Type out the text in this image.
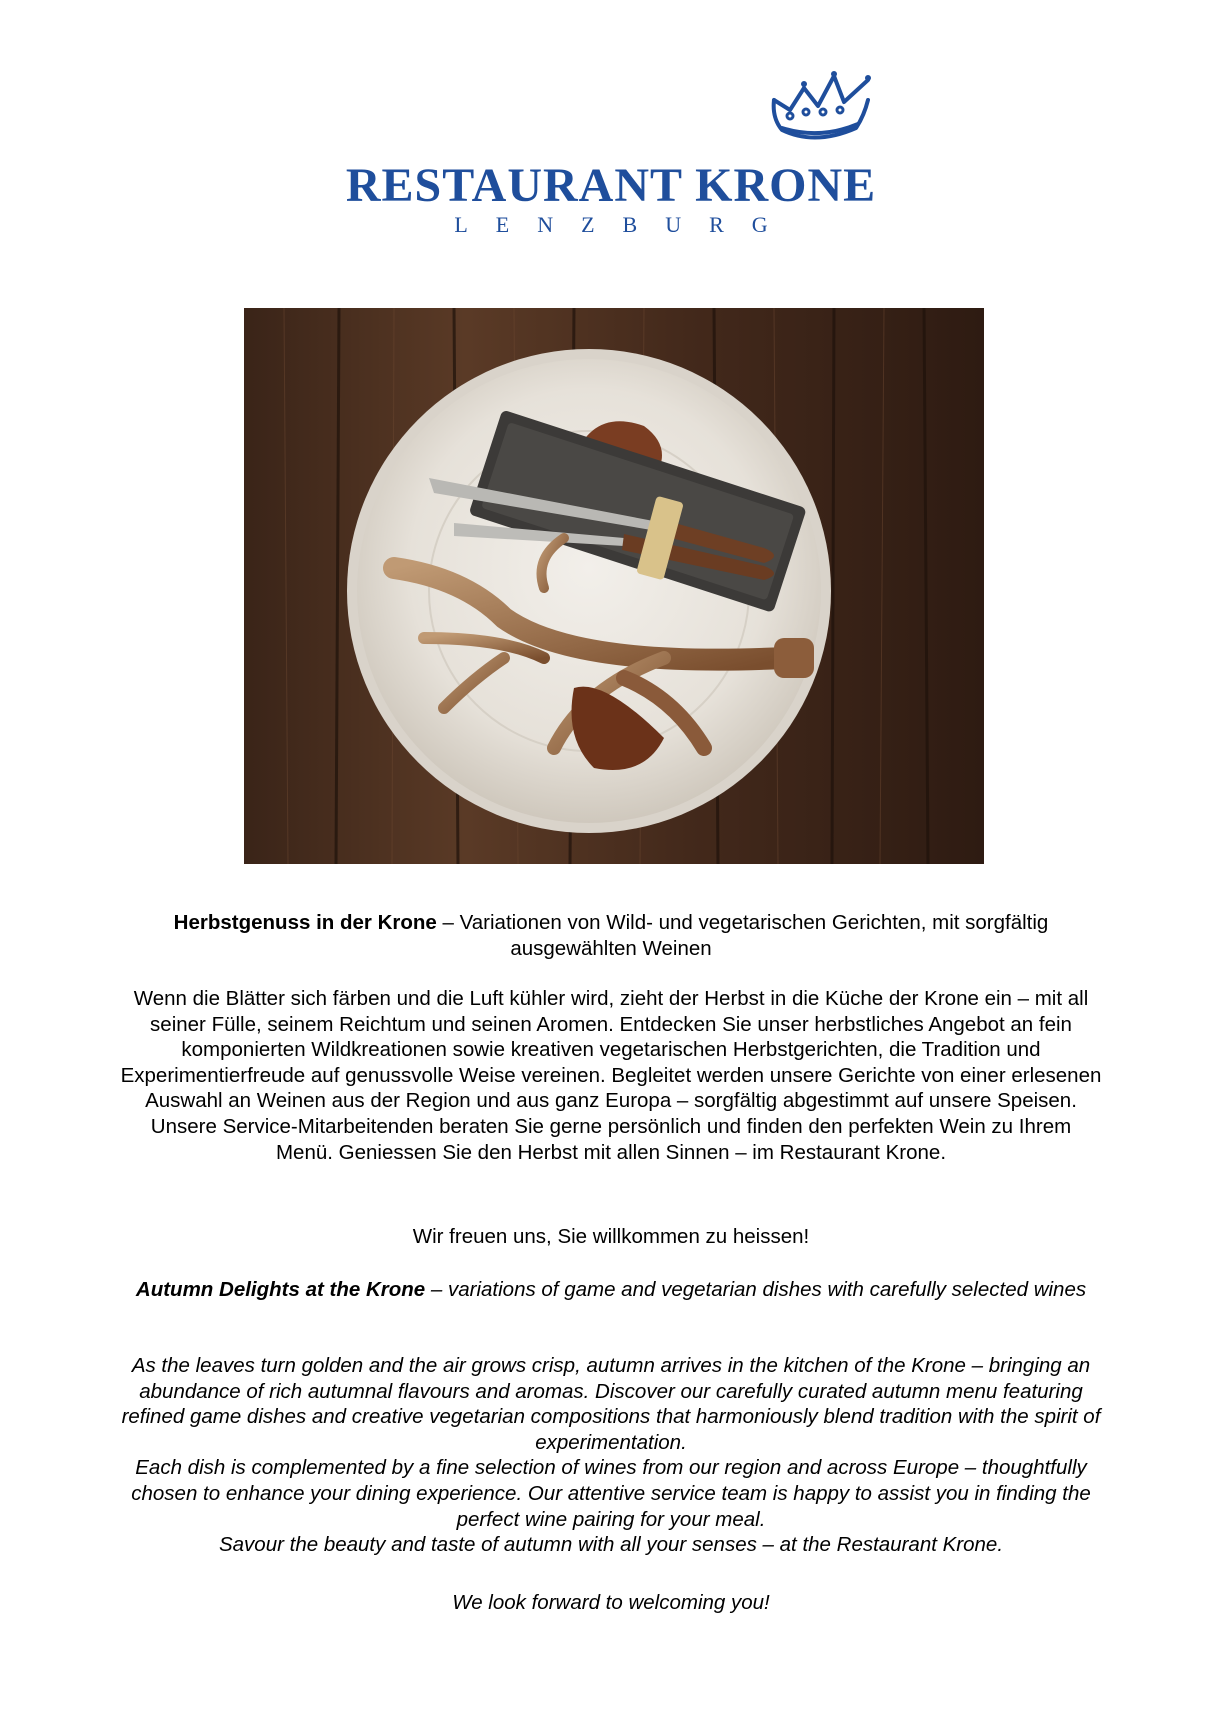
RESTAURANT KRONE
LENZBURG
Herbstgenuss in der Krone – Variationen von Wild- und vegetarischen Gerichten, mit sorgfältig ausgewählten Weinen
Wenn die Blätter sich färben und die Luft kühler wird, zieht der Herbst in die Küche der Krone ein – mit all seiner Fülle, seinem Reichtum und seinen Aromen. Entdecken Sie unser herbstliches Angebot an fein komponierten Wildkreationen sowie kreativen vegetarischen Herbstgerichten, die Tradition und Experimentierfreude auf genussvolle Weise vereinen. Begleitet werden unsere Gerichte von einer erlesenen Auswahl an Weinen aus der Region und aus ganz Europa – sorgfältig abgestimmt auf unsere Speisen. Unsere Service-Mitarbeitenden beraten Sie gerne persönlich und finden den perfekten Wein zu Ihrem Menü. Geniessen Sie den Herbst mit allen Sinnen – im Restaurant Krone.
Wir freuen uns, Sie willkommen zu heissen!
Autumn Delights at the Krone – variations of game and vegetarian dishes with carefully selected wines

As the leaves turn golden and the air grows crisp, autumn arrives in the kitchen of the Krone – bringing an abundance of rich autumnal flavours and aromas. Discover our carefully curated autumn menu featuring refined game dishes and creative vegetarian compositions that harmoniously blend tradition with the spirit of experimentation.

Each dish is complemented by a fine selection of wines from our region and across Europe – thoughtfully chosen to enhance your dining experience. Our attentive service team is happy to assist you in finding the perfect wine pairing for your meal.

Savour the beauty and taste of autumn with all your senses – at the Restaurant Krone.

We look forward to welcoming you!
